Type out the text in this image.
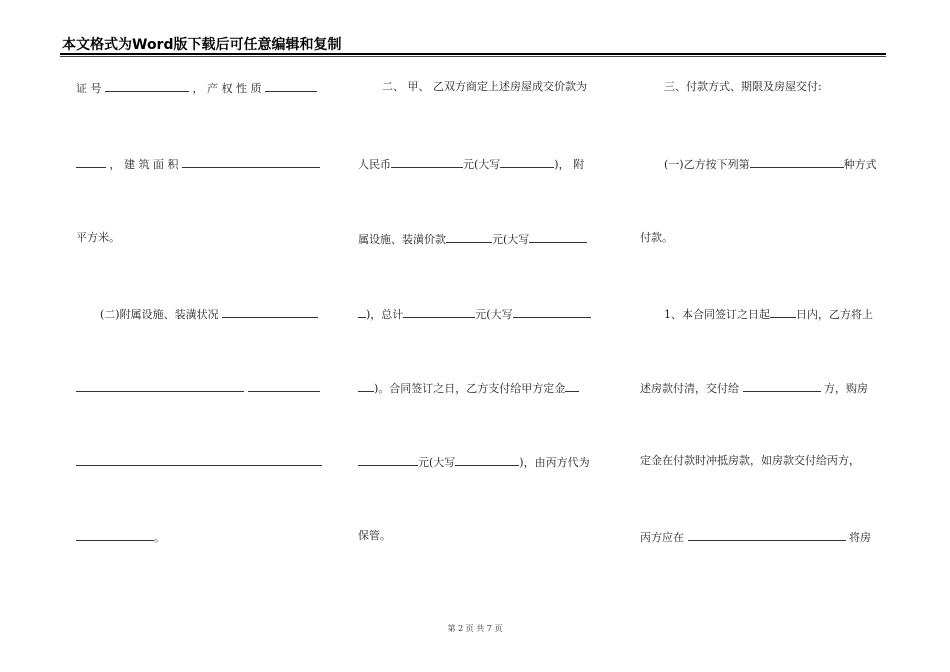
本文格式为Word版下载后可任意编辑和复制
证 号	， 产 权 性 质
， 建 筑 面 积
平方米。
(二)附属设施、装潢状况

。
二、 甲、 乙双方商定上述房屋成交价款为
人民币	元(大写	)， 附
属设施、装潢价款	元(大写
)，总计	元(大写
)。合同签订之日，乙方支付给甲方定金
元(大写	)，由丙方代为
保管。
三、付款方式、期限及房屋交付:
(一)乙方按下列第	种方式
付款。
1、本合同签订之日起 日内，乙方将上
述房款付清，交付给	方，购房
定金在付款时冲抵房款，如房款交付给丙方，
丙方应在	将房
第 2 页 共 7 页
